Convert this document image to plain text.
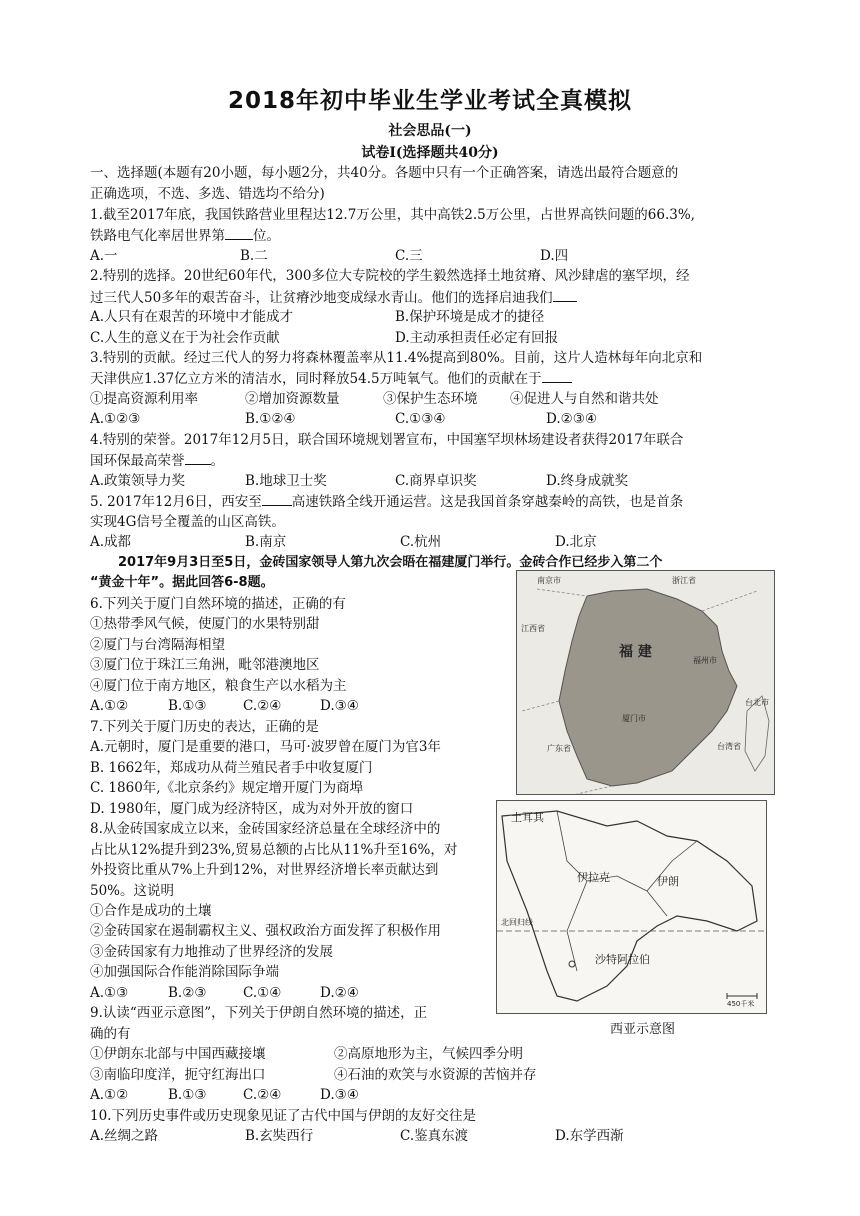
2018年初中毕业生学业考试全真模拟
社会思品(一)
试卷Ⅰ(选择题共40分)
一、选择题(本题有20小题，每小题2分，共40分。各题中只有一个正确答案，请选出最符合题意的
正确选项，不选、多选、错选均不给分)
1.截至2017年底，我国铁路营业里程达12.7万公里，其中高铁2.5万公里，占世界高铁问题的66.3%,
铁路电气化率居世界第 位。
A.一	B.二	C.三	D.四
2.特别的选择。20世纪60年代，300多位大专院校的学生毅然选择土地贫瘠、风沙肆虐的塞罕坝，经
过三代人50多年的艰苦奋斗，让贫瘠沙地变成绿水青山。他们的选择启迪我们
A.人只有在艰苦的环境中才能成才	B.保护环境是成才的捷径
C.人生的意义在于为社会作贡献	D.主动承担责任必定有回报
3.特别的贡献。经过三代人的努力将森林覆盖率从11.4%提高到80%。目前，这片人造林每年向北京和
天津供应1.37亿立方米的清洁水，同时释放54.5万吨氧气。他们的贡献在于
①提高资源利用率	②增加资源数量	③保护生态环境 ④促进人与自然和谐共处
A.①②③	B.①②④	C.①③④	D.②③④
4.特别的荣誉。2017年12月5日，联合国环境规划署宣布，中国塞罕坝林场建设者获得2017年联合
国环保最高荣誉 。
A.政策领导力奖	B.地球卫士奖	C.商界卓识奖	D.终身成就奖
5. 2017年12月6日，西安至 高速铁路全线开通运营。这是我国首条穿越秦岭的高铁，也是首条
实现4G信号全覆盖的山区高铁。
A.成都	B.南京	C.杭州	D.北京
2017年9月3日至5日，金砖国家领导人第九次会晤在福建厦门举行。金砖合作已经步入第二个
“黄金十年”。据此回答6-8题。	南京市	浙江省
江西省
福 建
福州市
厦门市
台北市
广东省	台湾省
6.下列关于厦门自然环境的描述，正确的有
①热带季风气候，使厦门的水果特别甜
②厦门与台湾隔海相望
③厦门位于珠江三角洲，毗邻港澳地区
④厦门位于南方地区，粮食生产以水稻为主
A.①②	B.①③	C.②④	D.③④
7.下列关于厦门历史的表达，正确的是
A.元朝时，厦门是重要的港口，马可·波罗曾在厦门为官3年
B. 1662年，郑成功从荷兰殖民者手中收复厦门
C. 1860年,《北京条约》规定增开厦门为商埠
D. 1980年，厦门成为经济特区，成为对外开放的窗口
土耳其
伊拉克	伊朗
北回归线
沙特阿拉伯
450千米
西亚示意图
8.从金砖国家成立以来，金砖国家经济总量在全球经济中的
占比从12%提升到23%,贸易总额的占比从11%升至16%，对
外投资比重从7%上升到12%，对世界经济增长率贡献达到
50%。这说明
①合作是成功的土壤
②金砖国家在遏制霸权主义、强权政治方面发挥了积极作用
③金砖国家有力地推动了世界经济的发展
④加强国际合作能消除国际争端
A.①③	B.②③	C.①④	D.②④
9.认读“西亚示意图”，下列关于伊朗自然环境的描述，正
确的有
①伊朗东北部与中国西藏接壤	②高原地形为主，气候四季分明
③南临印度洋，扼守红海出口	④石油的欢笑与水资源的苦恼并存
A.①②	B.①③	C.②④	D.③④
10.下列历史事件或历史现象见证了古代中国与伊朗的友好交往是
A.丝绸之路	B.玄奘西行	C.鉴真东渡	D.东学西渐
